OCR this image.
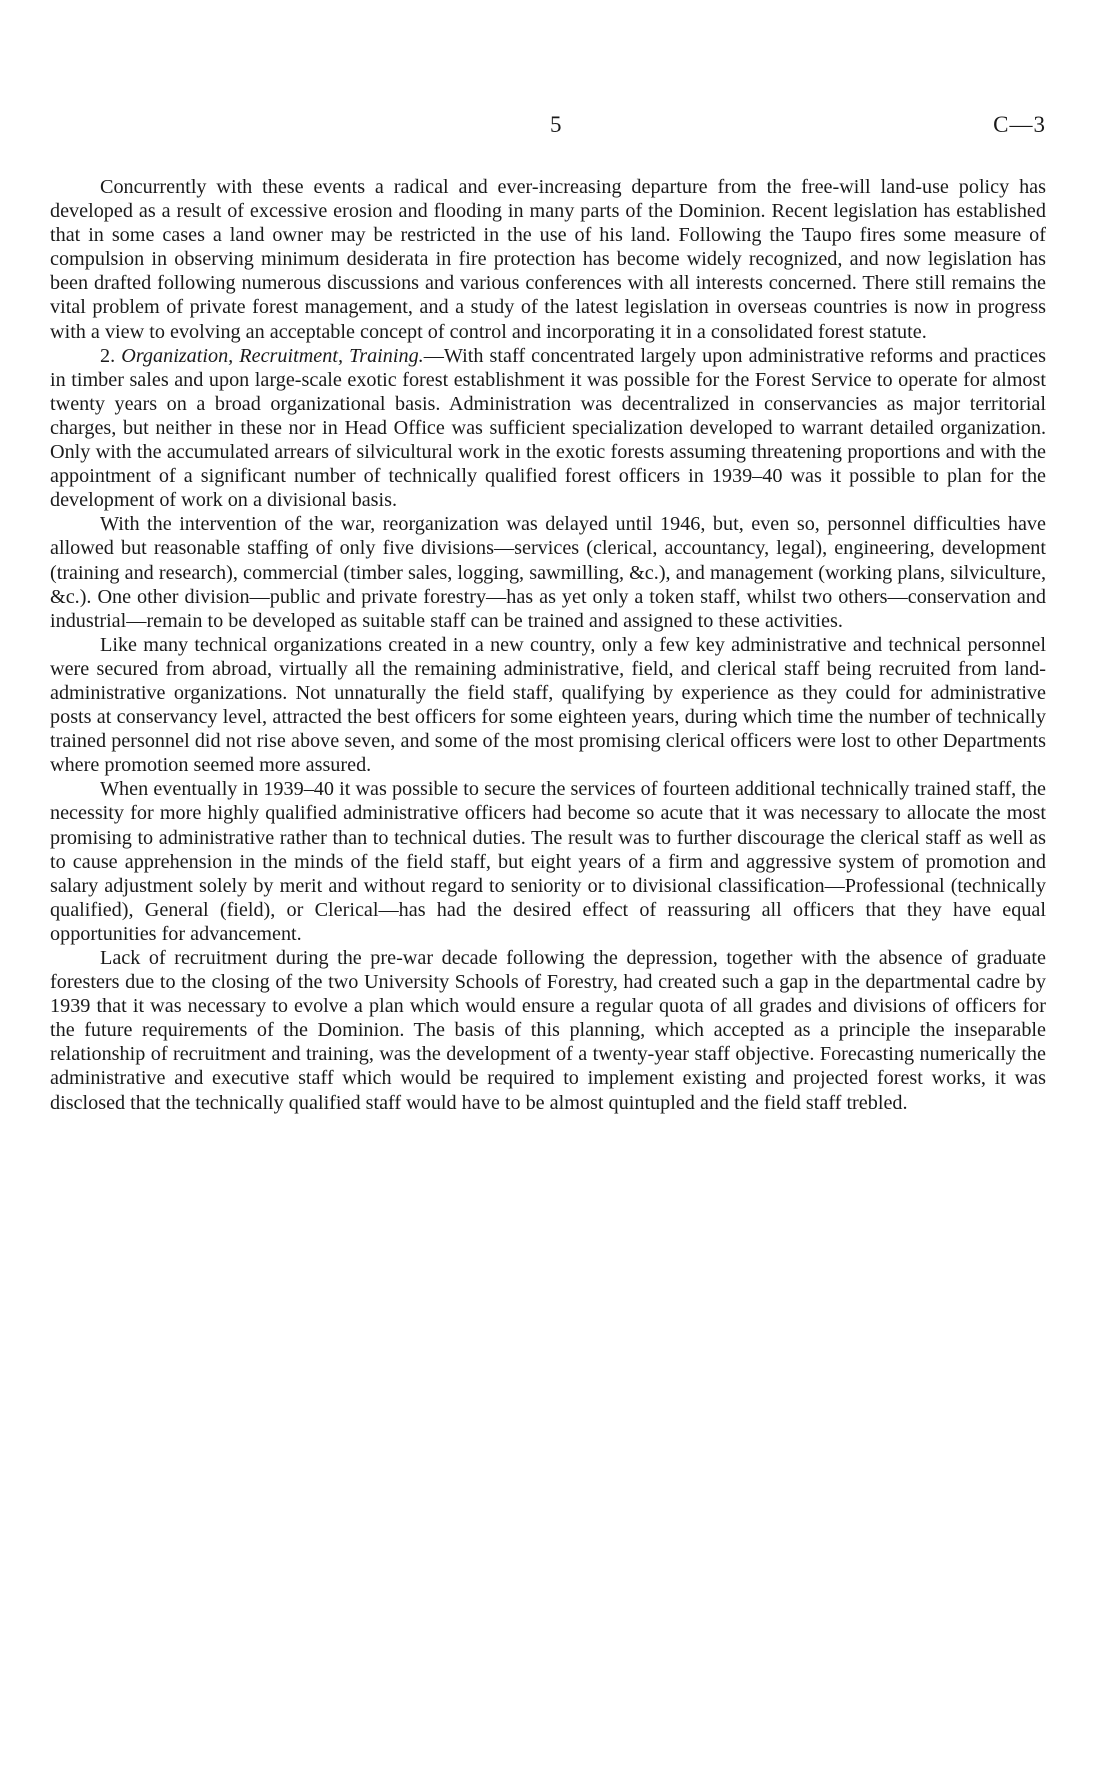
5	C—3

Concurrently with these events a radical and ever-increasing departure from the free-will land-use policy has developed as a result of excessive erosion and flooding in many parts of the Dominion. Recent legislation has established that in some cases a land owner may be restricted in the use of his land. Following the Taupo fires some measure of compulsion in observing minimum desiderata in fire protection has become widely recognized, and now legislation has been drafted following numerous discussions and various conferences with all interests concerned. There still remains the vital problem of private forest management, and a study of the latest legislation in overseas countries is now in progress with a view to evolving an acceptable concept of control and incorporating it in a consolidated forest statute.

2. Organization, Recruitment, Training.—With staff concentrated largely upon administrative reforms and practices in timber sales and upon large-scale exotic forest establishment it was possible for the Forest Service to operate for almost twenty years on a broad organizational basis. Administration was decentralized in conservancies as major territorial charges, but neither in these nor in Head Office was sufficient specialization developed to warrant detailed organization. Only with the accumulated arrears of silvicultural work in the exotic forests assuming threatening proportions and with the appointment of a significant number of technically qualified forest officers in 1939–40 was it possible to plan for the development of work on a divisional basis.

With the intervention of the war, reorganization was delayed until 1946, but, even so, personnel difficulties have allowed but reasonable staffing of only five divisions—services (clerical, accountancy, legal), engineering, development (training and research), commercial (timber sales, logging, sawmilling, &c.), and management (working plans, silviculture, &c.). One other division—public and private forestry—has as yet only a token staff, whilst two others—conservation and industrial—remain to be developed as suitable staff can be trained and assigned to these activities.

Like many technical organizations created in a new country, only a few key administrative and technical personnel were secured from abroad, virtually all the remaining administrative, field, and clerical staff being recruited from land-administrative organizations. Not unnaturally the field staff, qualifying by experience as they could for administrative posts at conservancy level, attracted the best officers for some eighteen years, during which time the number of technically trained personnel did not rise above seven, and some of the most promising clerical officers were lost to other Departments where promotion seemed more assured.

When eventually in 1939–40 it was possible to secure the services of fourteen additional technically trained staff, the necessity for more highly qualified administrative officers had become so acute that it was necessary to allocate the most promising to administrative rather than to technical duties. The result was to further discourage the clerical staff as well as to cause apprehension in the minds of the field staff, but eight years of a firm and aggressive system of promotion and salary adjustment solely by merit and without regard to seniority or to divisional classification—Professional (technically qualified), General (field), or Clerical—has had the desired effect of reassuring all officers that they have equal opportunities for advancement.

Lack of recruitment during the pre-war decade following the depression, together with the absence of graduate foresters due to the closing of the two University Schools of Forestry, had created such a gap in the departmental cadre by 1939 that it was necessary to evolve a plan which would ensure a regular quota of all grades and divisions of officers for the future requirements of the Dominion. The basis of this planning, which accepted as a principle the inseparable relationship of recruitment and training, was the development of a twenty-year staff objective. Forecasting numerically the administrative and executive staff which would be required to implement existing and projected forest works, it was disclosed that the technically qualified staff would have to be almost quintupled and the field staff trebled.
